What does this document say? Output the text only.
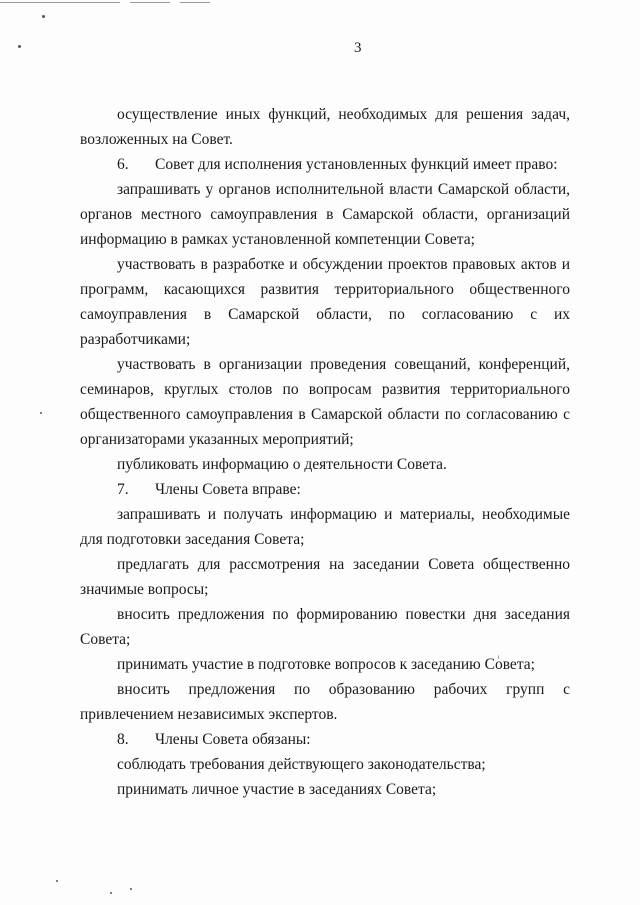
3

осуществление иных функций, необходимых для решения задач, возложенных на Совет.

6. Совет для исполнения установленных функций имеет право:

запрашивать у органов исполнительной власти Самарской области, органов местного самоуправления в Самарской области, организаций информацию в рамках установленной компетенции Совета;

участвовать в разработке и обсуждении проектов правовых актов и программ, касающихся развития территориального общественного самоуправления в Самарской области, по согласованию с их разработчиками;

участвовать в организации проведения совещаний, конференций, семинаров, круглых столов по вопросам развития территориального общественного самоуправления в Самарской области по согласованию с организаторами указанных мероприятий;

публиковать информацию о деятельности Совета.

7. Члены Совета вправе:

запрашивать и получать информацию и материалы, необходимые для подготовки заседания Совета;

предлагать для рассмотрения на заседании Совета общественно значимые вопросы;

вносить предложения по формированию повестки дня заседания Совета;

принимать участие в подготовке вопросов к заседанию Совета;

вносить предложения по образованию рабочих групп с привлечением независимых экспертов.

8. Члены Совета обязаны:

соблюдать требования действующего законодательства;

принимать личное участие в заседаниях Совета;
